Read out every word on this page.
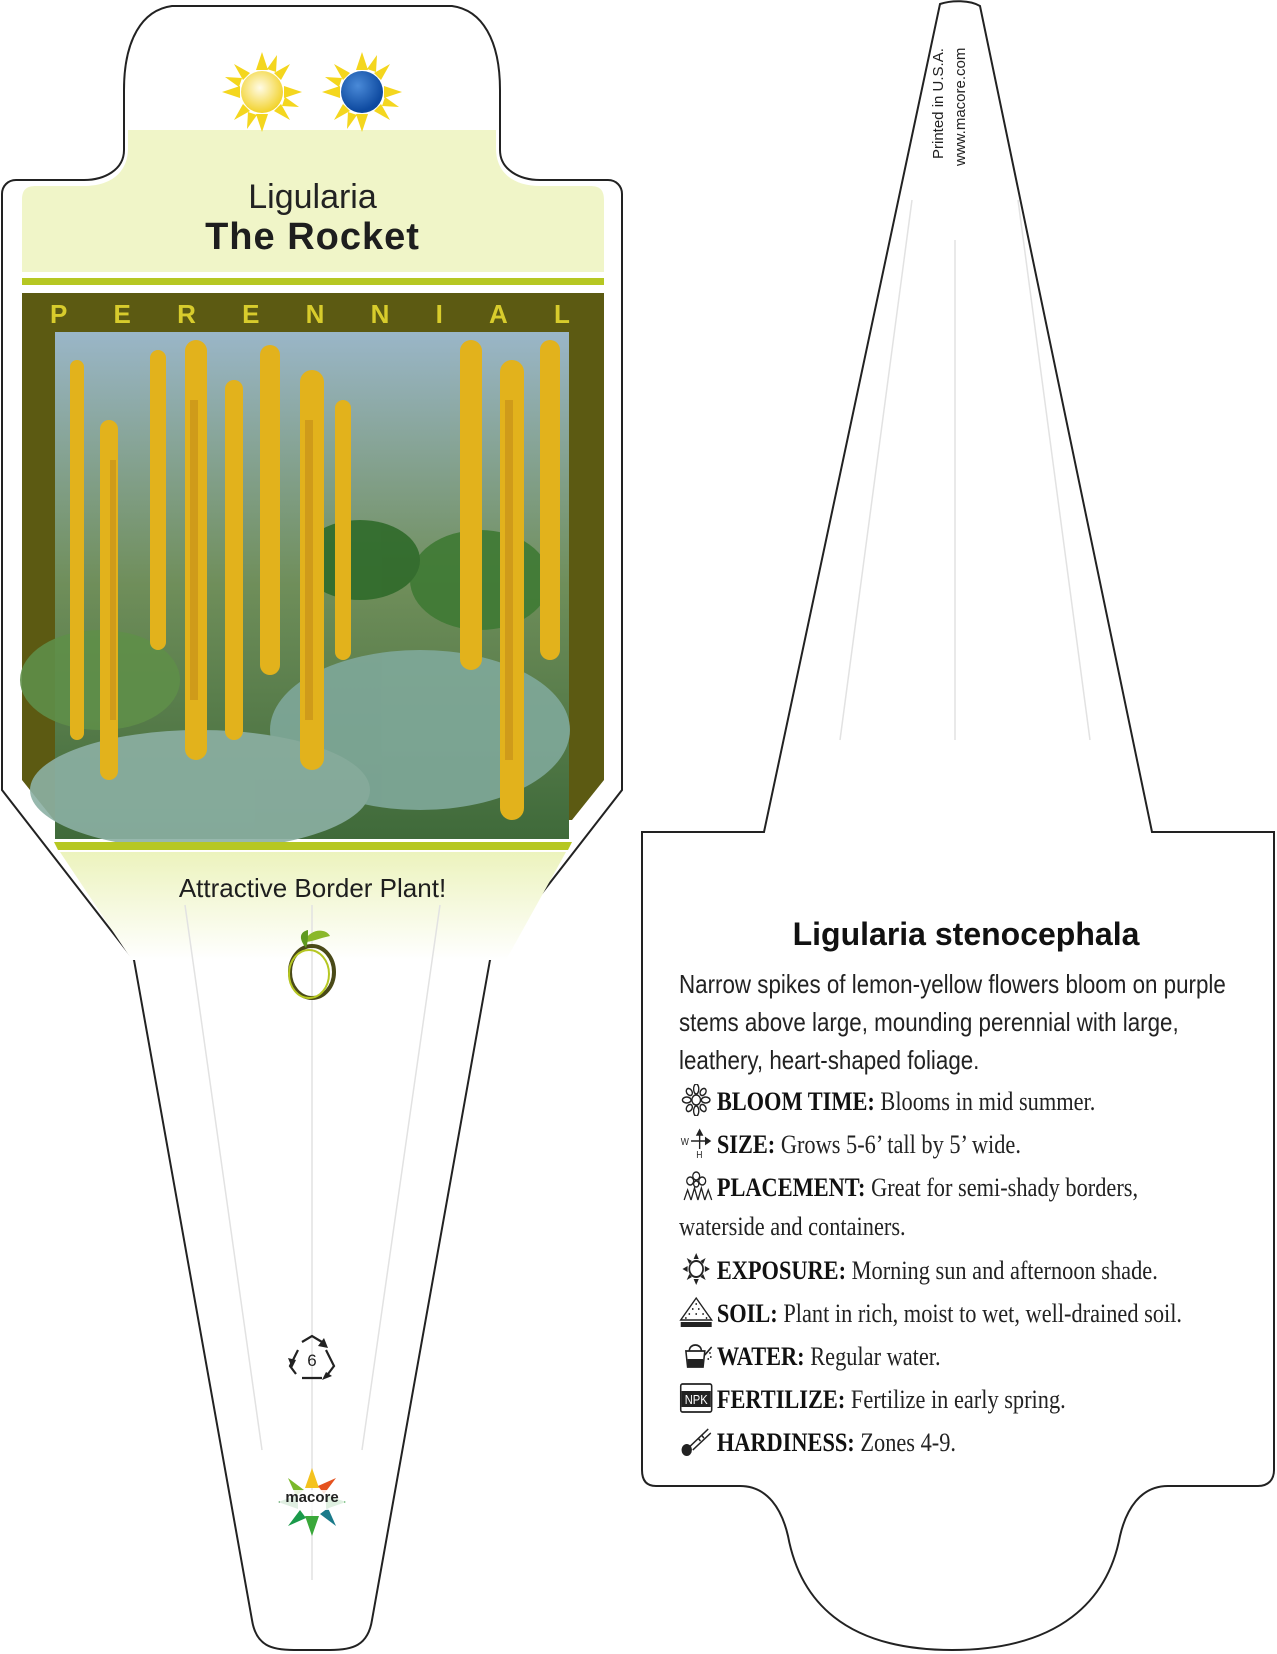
Ligularia
The Rocket
P E R E N N I A L
Attractive Border Plant!
6
macore
Printed in U.S.A. www.macore.com
Ligularia stenocephala
Narrow spikes of lemon-yellow flowers bloom on purple stems above large, mounding perennial with large, leathery, heart-shaped foliage.
BLOOM TIME: Blooms in mid summer.
W
H SIZE: Grows 5-6’ tall by 5’ wide.
PLACEMENT: Great for semi-shady borders,
waterside and containers.
EXPOSURE: Morning sun and afternoon shade.
SOIL: Plant in rich, moist to wet, well-drained soil.
WATER: Regular water.
NPK FERTILIZE: Fertilize in early spring.
HARDINESS: Zones 4-9.
